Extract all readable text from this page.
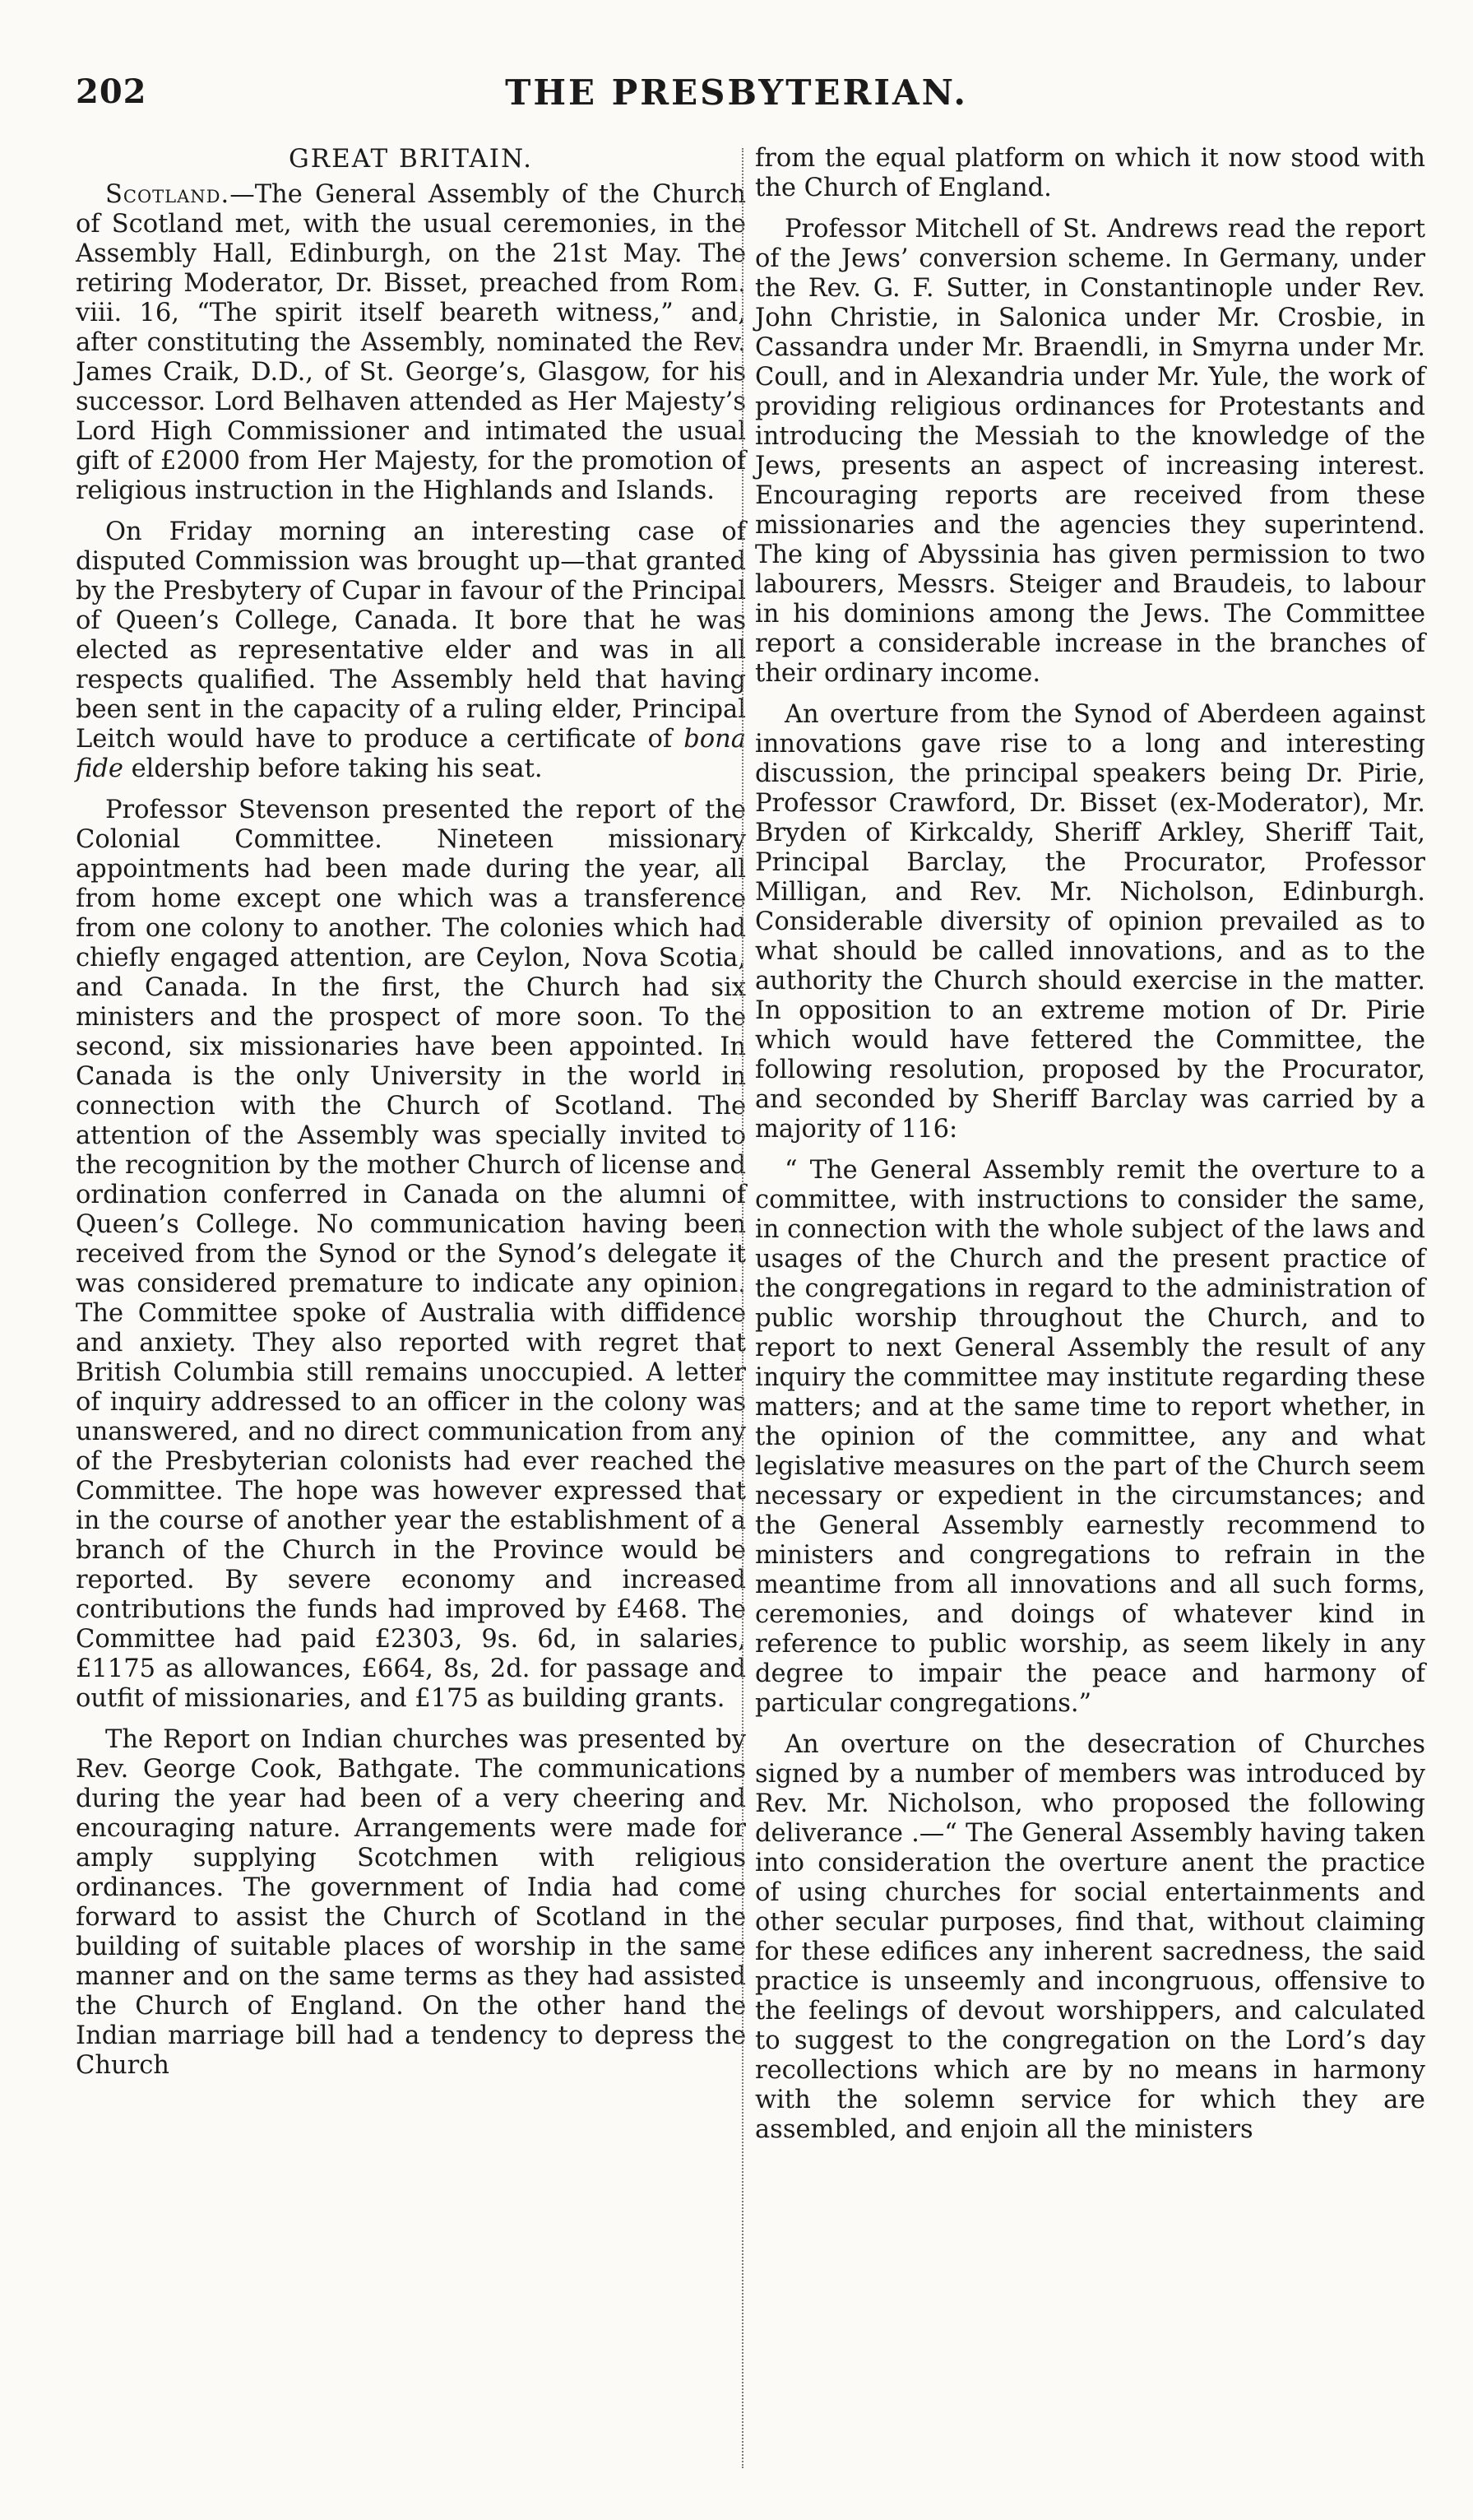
202	THE PRESBYTERIAN.
GREAT BRITAIN.

Scotland.—The General Assembly of the Church of Scotland met, with the usual ceremonies, in the Assembly Hall, Edinburgh, on the 21st May. The retiring Moderator, Dr. Bisset, preached from Rom. viii. 16, “The spirit itself beareth witness,” and, after constituting the Assembly, nominated the Rev. James Craik, D.D., of St. George’s, Glasgow, for his successor. Lord Belhaven attended as Her Majesty’s Lord High Commissioner and intimated the usual gift of £2000 from Her Majesty, for the promotion of religious instruction in the Highlands and Islands.

On Friday morning an interesting case of disputed Commission was brought up—that granted by the Presbytery of Cupar in favour of the Principal of Queen’s College, Canada. It bore that he was elected as representative elder and was in all respects qualified. The Assembly held that having been sent in the capacity of a ruling elder, Principal Leitch would have to produce a certificate of bona fide eldership before taking his seat.

Professor Stevenson presented the report of the Colonial Committee. Nineteen missionary appointments had been made during the year, all from home except one which was a transference from one colony to another. The colonies which had chiefly engaged attention, are Ceylon, Nova Scotia, and Canada. In the first, the Church had six ministers and the prospect of more soon. To the second, six missionaries have been appointed. In Canada is the only University in the world in connection with the Church of Scotland. The attention of the Assembly was specially invited to the recognition by the mother Church of license and ordination conferred in Canada on the alumni of Queen’s College. No communication having been received from the Synod or the Synod’s delegate it was considered premature to indicate any opinion. The Committee spoke of Australia with diffidence and anxiety. They also reported with regret that British Columbia still remains unoccupied. A letter of inquiry addressed to an officer in the colony was unanswered, and no direct communication from any of the Presbyterian colonists had ever reached the Committee. The hope was however expressed that in the course of another year the establishment of a branch of the Church in the Province would be reported. By severe economy and increased contributions the funds had improved by £468. The Committee had paid £2303, 9s. 6d, in salaries, £1175 as allowances, £664, 8s, 2d. for passage and outfit of missionaries, and £175 as building grants.

The Report on Indian churches was presented by Rev. George Cook, Bathgate. The communications during the year had been of a very cheering and encouraging nature. Arrangements were made for amply supplying Scotchmen with religious ordinances. The government of India had come forward to assist the Church of Scotland in the building of suitable places of worship in the same manner and on the same terms as they had assisted the Church of England. On the other hand the Indian marriage bill had a tendency to depress the Church

from the equal platform on which it now stood with the Church of England.

Professor Mitchell of St. Andrews read the report of the Jews’ conversion scheme. In Germany, under the Rev. G. F. Sutter, in Constantinople under Rev. John Christie, in Salonica under Mr. Crosbie, in Cassandra under Mr. Braendli, in Smyrna under Mr. Coull, and in Alexandria under Mr. Yule, the work of providing religious ordinances for Protestants and introducing the Messiah to the knowledge of the Jews, presents an aspect of increasing interest. Encouraging reports are received from these missionaries and the agencies they superintend. The king of Abyssinia has given permission to two labourers, Messrs. Steiger and Braudeis, to labour in his dominions among the Jews. The Committee report a considerable increase in the branches of their ordinary income.

An overture from the Synod of Aberdeen against innovations gave rise to a long and interesting discussion, the principal speakers being Dr. Pirie, Professor Crawford, Dr. Bisset (ex-Moderator), Mr. Bryden of Kirkcaldy, Sheriff Arkley, Sheriff Tait, Principal Barclay, the Procurator, Professor Milligan, and Rev. Mr. Nicholson, Edinburgh. Considerable diversity of opinion prevailed as to what should be called innovations, and as to the authority the Church should exercise in the matter. In opposition to an extreme motion of Dr. Pirie which would have fettered the Committee, the following resolution, proposed by the Procurator, and seconded by Sheriff Barclay was carried by a majority of 116:

“ The General Assembly remit the overture to a committee, with instructions to consider the same, in connection with the whole subject of the laws and usages of the Church and the present practice of the congregations in regard to the administration of public worship throughout the Church, and to report to next General Assembly the result of any inquiry the committee may institute regarding these matters; and at the same time to report whether, in the opinion of the committee, any and what legislative measures on the part of the Church seem necessary or expedient in the circumstances; and the General Assembly earnestly recommend to ministers and congregations to refrain in the meantime from all innovations and all such forms, ceremonies, and doings of whatever kind in reference to public worship, as seem likely in any degree to impair the peace and harmony of particular congregations.”

An overture on the desecration of Churches signed by a number of members was introduced by Rev. Mr. Nicholson, who proposed the following deliverance .—“ The General Assembly having taken into consideration the overture anent the practice of using churches for social entertainments and other secular purposes, find that, without claiming for these edifices any inherent sacredness, the said practice is unseemly and incongruous, offensive to the feelings of devout worshippers, and calculated to suggest to the congregation on the Lord’s day recollections which are by no means in harmony with the solemn service for which they are assembled, and enjoin all the ministers
